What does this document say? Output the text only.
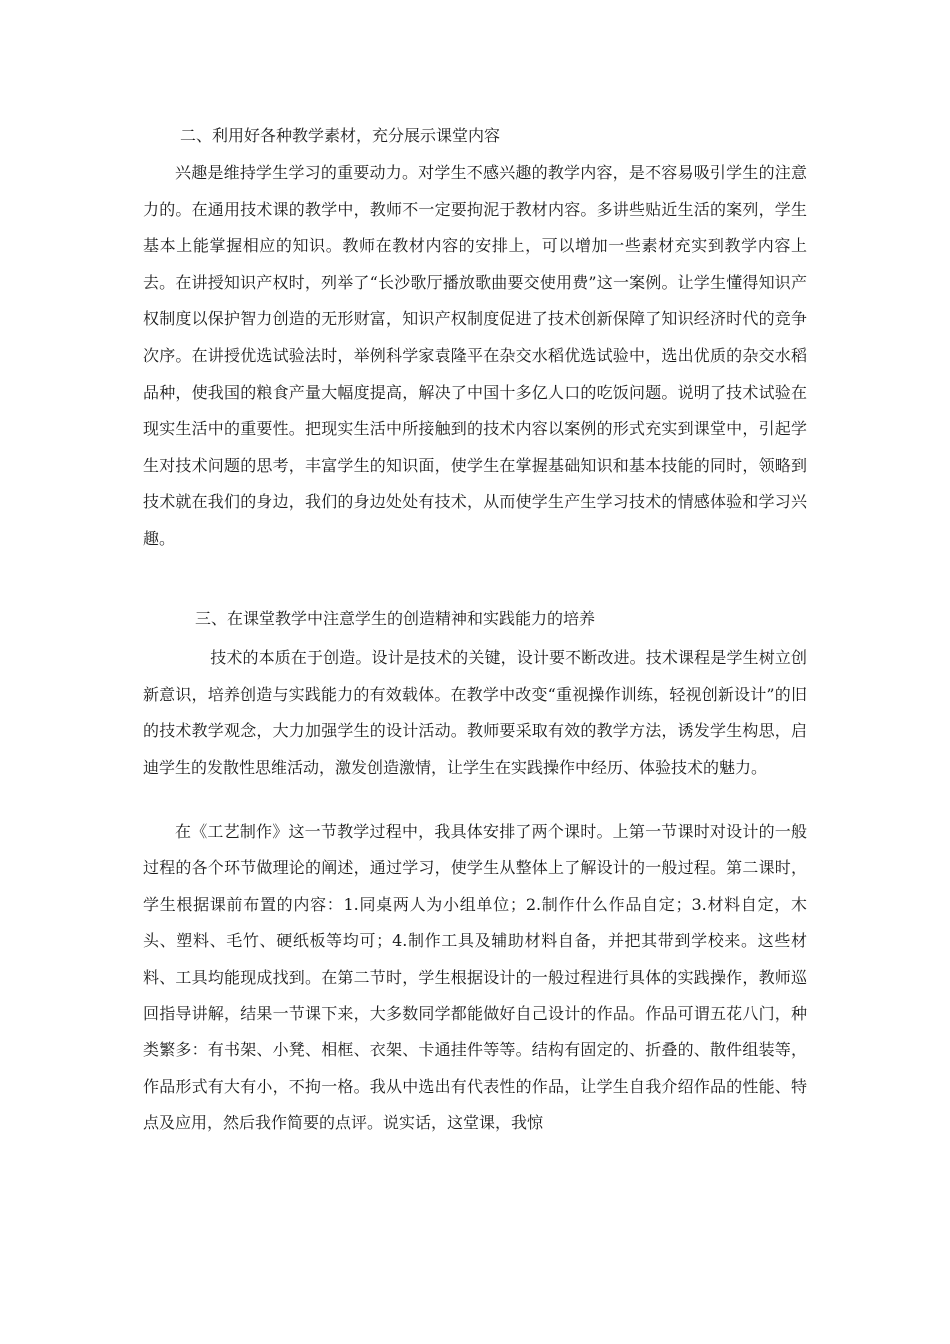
二、利用好各种教学素材，充分展示课堂内容
兴趣是维持学生学习的重要动力。对学生不感兴趣的教学内容，是不容易吸引学生的注意力的。在通用技术课的教学中，教师不一定要拘泥于教材内容。多讲些贴近生活的案列，学生基本上能掌握相应的知识。教师在教材内容的安排上，可以增加一些素材充实到教学内容上去。在讲授知识产权时，列举了“长沙歌厅播放歌曲要交使用费”这一案例。让学生懂得知识产权制度以保护智力创造的无形财富，知识产权制度促进了技术创新保障了知识经济时代的竞争次序。在讲授优选试验法时，举例科学家袁隆平在杂交水稻优选试验中，选出优质的杂交水稻品种，使我国的粮食产量大幅度提高，解决了中国十多亿人口的吃饭问题。说明了技术试验在现实生活中的重要性。把现实生活中所接触到的技术内容以案例的形式充实到课堂中，引起学生对技术问题的思考，丰富学生的知识面，使学生在掌握基础知识和基本技能的同时，领略到技术就在我们的身边，我们的身边处处有技术，从而使学生产生学习技术的情感体验和学习兴趣。
三、在课堂教学中注意学生的创造精神和实践能力的培养
技术的本质在于创造。设计是技术的关键，设计要不断改进。技术课程是学生树立创新意识，培养创造与实践能力的有效载体。在教学中改变“重视操作训练，轻视创新设计”的旧的技术教学观念，大力加强学生的设计活动。教师要采取有效的教学方法，诱发学生构思，启迪学生的发散性思维活动，激发创造激情，让学生在实践操作中经历、体验技术的魅力。
在《工艺制作》这一节教学过程中，我具体安排了两个课时。上第一节课时对设计的一般过程的各个环节做理论的阐述，通过学习，使学生从整体上了解设计的一般过程。第二课时，学生根据课前布置的内容：1.同桌两人为小组单位；2.制作什么作品自定；3.材料自定，木头、塑料、毛竹、硬纸板等均可；4.制作工具及辅助材料自备，并把其带到学校来。这些材料、工具均能现成找到。在第二节时，学生根据设计的一般过程进行具体的实践操作，教师巡回指导讲解，结果一节课下来，大多数同学都能做好自己设计的作品。作品可谓五花八门，种类繁多：有书架、小凳、相框、衣架、卡通挂件等等。结构有固定的、折叠的、散件组装等，作品形式有大有小，不拘一格。我从中选出有代表性的作品，让学生自我介绍作品的性能、特点及应用，然后我作简要的点评。说实话，这堂课，我惊
